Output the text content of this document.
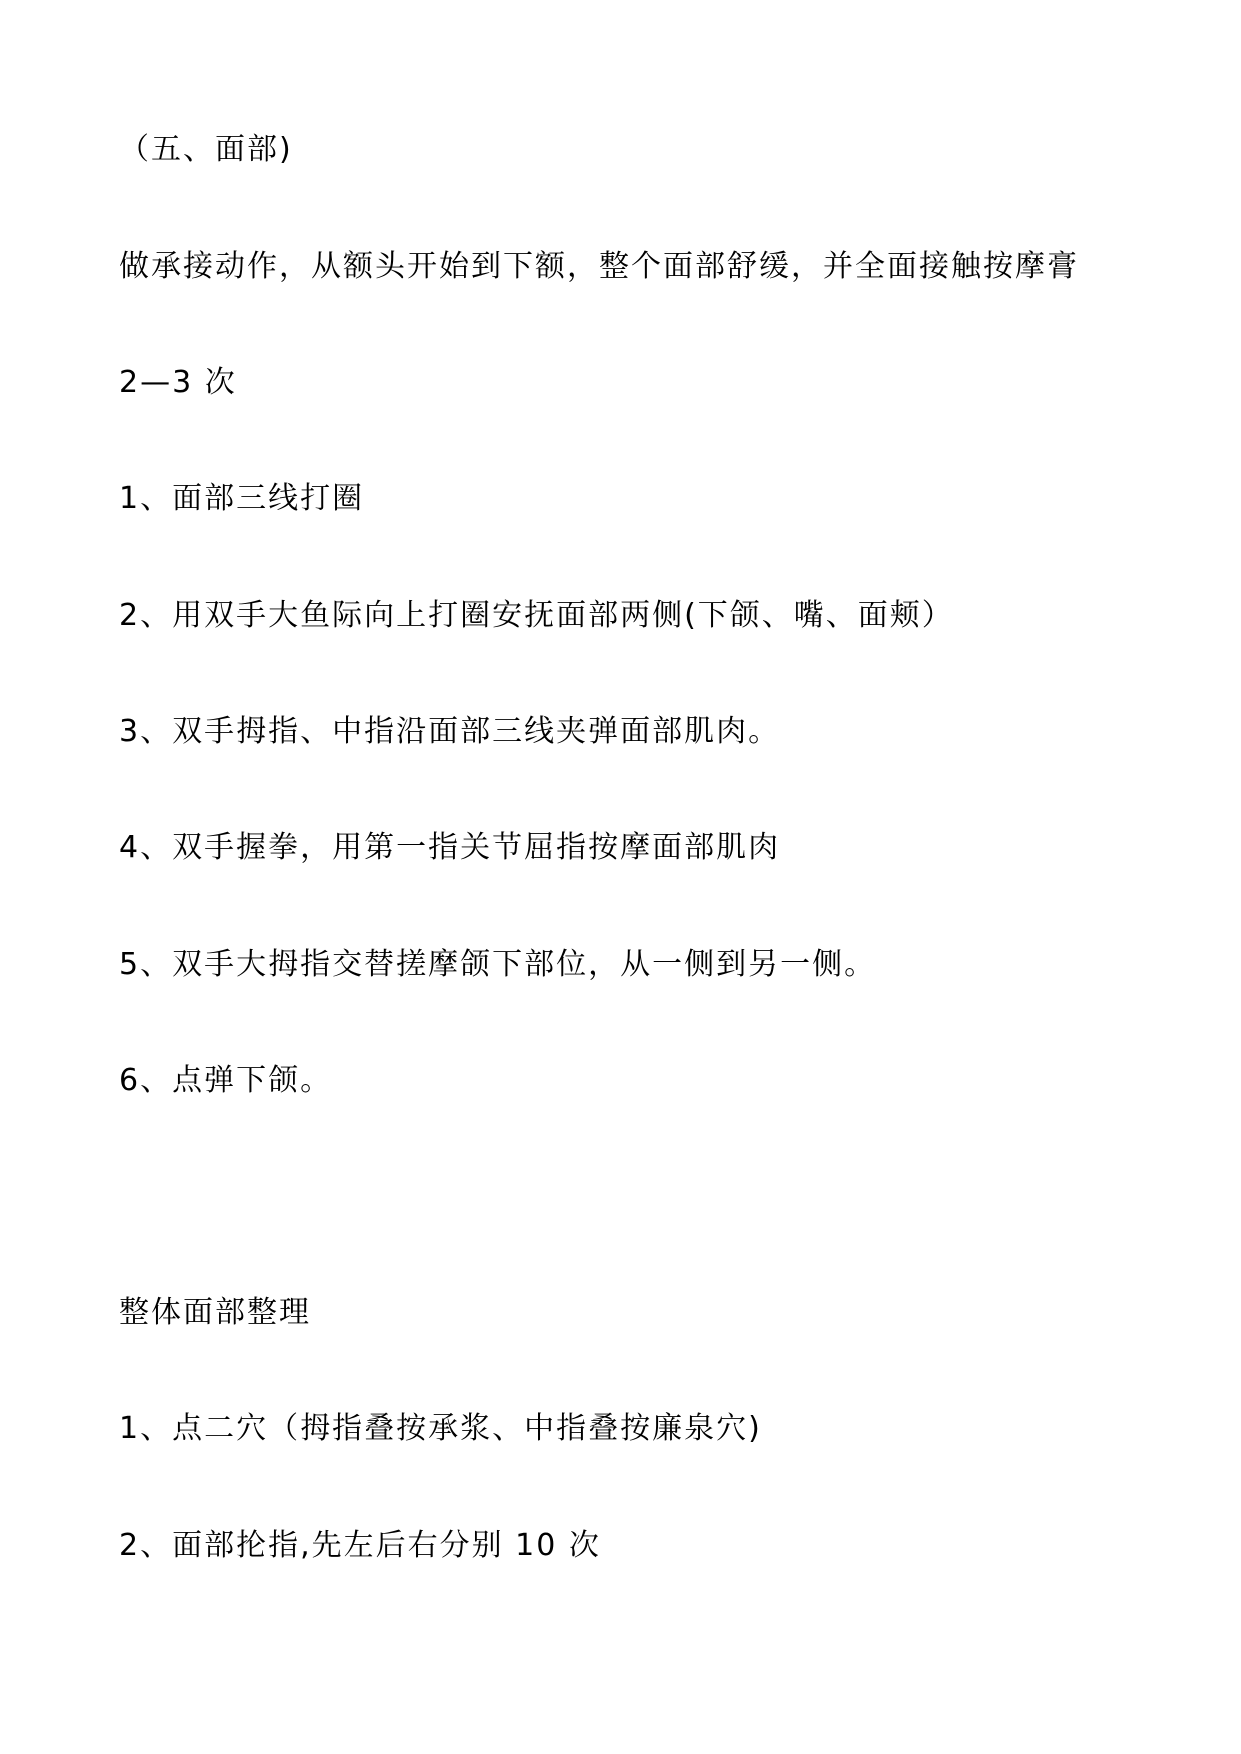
（五、面部)
做承接动作，从额头开始到下额，整个面部舒缓，并全面接触按摩膏
2—3 次
1、面部三线打圈
2、用双手大鱼际向上打圈安抚面部两侧(下颌、嘴、面颊）
3、双手拇指、中指沿面部三线夹弹面部肌肉。
4、双手握拳，用第一指关节屈指按摩面部肌肉
5、双手大拇指交替搓摩颌下部位，从一侧到另一侧。
6、点弹下颌。
整体面部整理
1、点二穴（拇指叠按承浆、中指叠按廉泉穴)
2、面部抡指,先左后右分别 10 次
